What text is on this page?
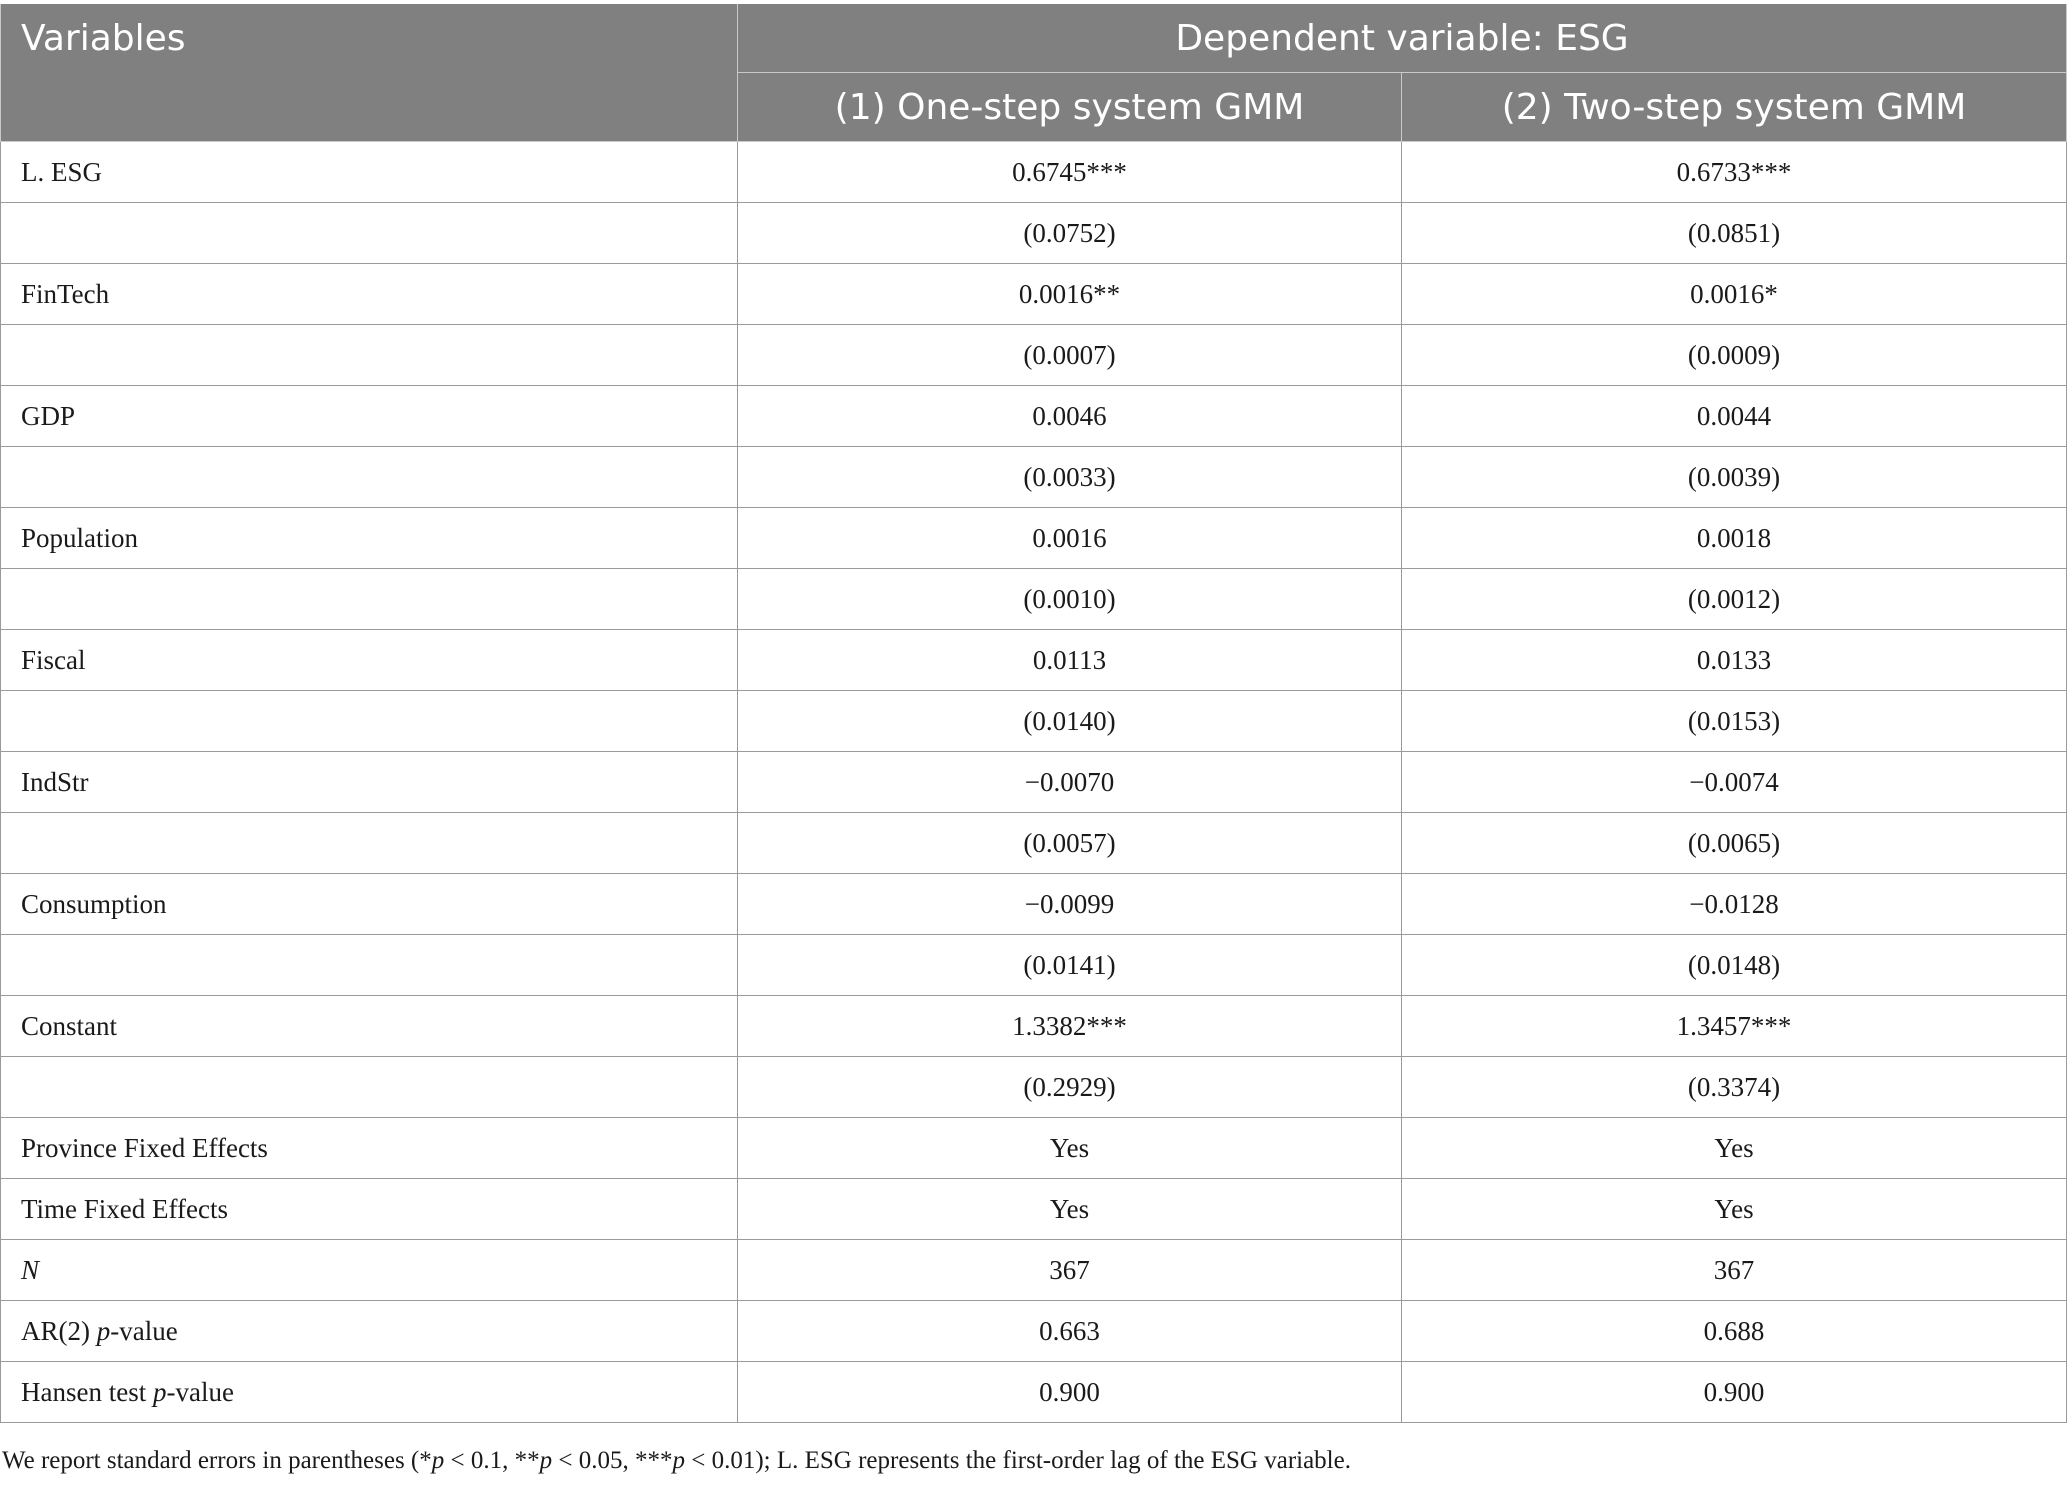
Variables	Dependent variable: ESG	
	(1) One-step system GMM	(2) Two-step system GMM
L. ESG	0.6745***	0.6733***
	(0.0752)	(0.0851)
FinTech	0.0016**	0.0016*
	(0.0007)	(0.0009)
GDP	0.0046	0.0044
	(0.0033)	(0.0039)
Population	0.0016	0.0018
	(0.0010)	(0.0012)
Fiscal	0.0113	0.0133
	(0.0140)	(0.0153)
IndStr	−0.0070	−0.0074
	(0.0057)	(0.0065)
Consumption	−0.0099	−0.0128
	(0.0141)	(0.0148)
Constant	1.3382***	1.3457***
	(0.2929)	(0.3374)
Province Fixed Effects	Yes	Yes
Time Fixed Effects	Yes	Yes
N	367	367
AR(2) p-value	0.663	0.688
Hansen test p-value	0.900	0.900
We report standard errors in parentheses (*p < 0.1, **p < 0.05, ***p < 0.01); L. ESG represents the first-order lag of the ESG variable.
